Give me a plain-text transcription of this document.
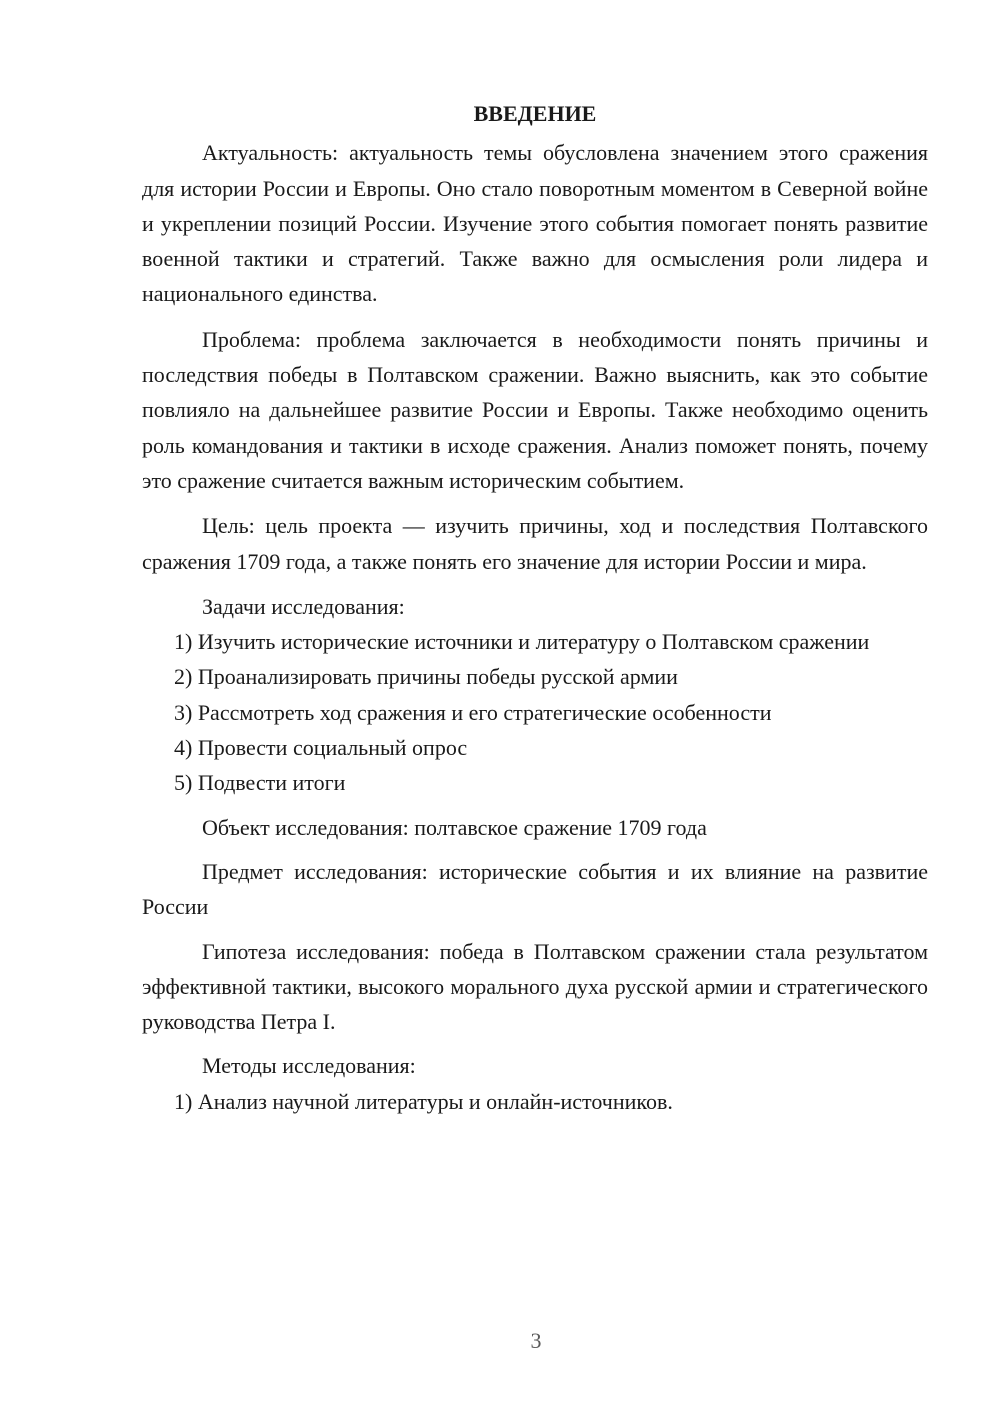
ВВЕДЕНИЕ

Актуальность: актуальность темы обусловлена значением этого сражения для истории России и Европы. Оно стало поворотным моментом в Северной войне и укреплении позиций России. Изучение этого события помогает понять развитие военной тактики и стратегий. Также важно для осмысления роли лидера и национального единства.

Проблема: проблема заключается в необходимости понять причины и последствия победы в Полтавском сражении. Важно выяснить, как это событие повлияло на дальнейшее развитие России и Европы. Также необходимо оценить роль командования и тактики в исходе сражения. Анализ поможет понять, почему это сражение считается важным историческим событием.

Цель: цель проекта — изучить причины, ход и последствия Полтавского сражения 1709 года, а также понять его значение для истории России и мира.

Задачи исследования:

1) Изучить исторические источники и литературу о Полтавском сражении

2) Проанализировать причины победы русской армии

3) Рассмотреть ход сражения и его стратегические особенности

4) Провести социальный опрос

5) Подвести итоги

Объект исследования: полтавское сражение 1709 года

Предмет исследования: исторические события и их влияние на развитие России

Гипотеза исследования: победа в Полтавском сражении стала результатом эффективной тактики, высокого морального духа русской армии и стратегического руководства Петра I.

Методы исследования:

1) Анализ научной литературы и онлайн-источников.

3
